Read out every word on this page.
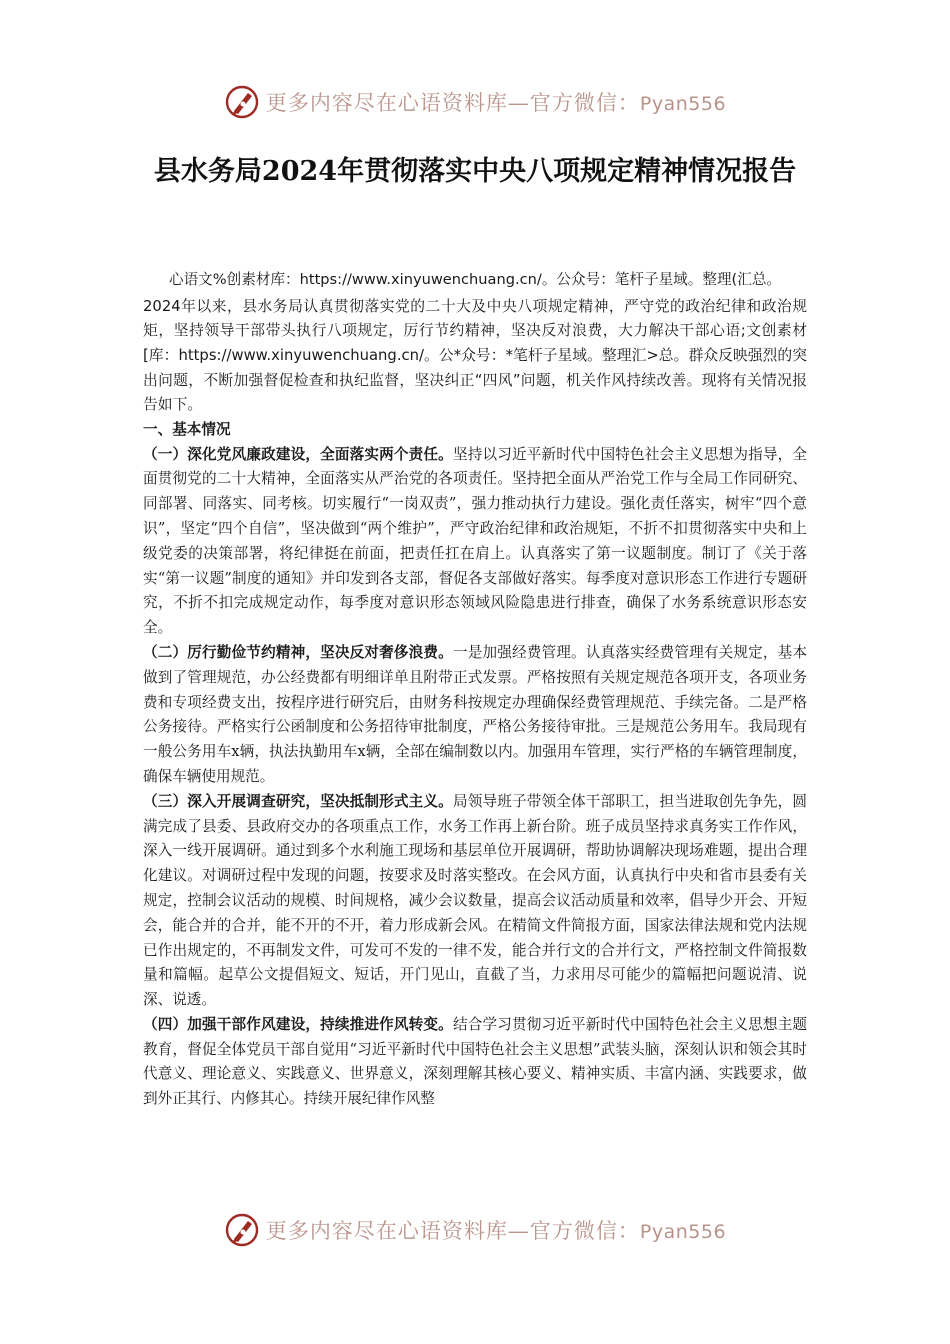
更多内容尽在心语资料库—官方微信：Pyan556
县水务局2024年贯彻落实中央八项规定精神情况报告

心语文%创素材库：https://www.xinyuwenchuang.cn/。公众号：笔杆子星域。整理(汇总。

2024年以来，县水务局认真贯彻落实党的二十大及中央八项规定精神，严守党的政治纪律和政治规矩，坚持领导干部带头执行八项规定，厉行节约精神，坚决反对浪费，大力解决干部心语;文创素材[库：https://www.xinyuwenchuang.cn/。公*众号：*笔杆子星域。整理汇>总。群众反映强烈的突出问题，不断加强督促检查和执纪监督，坚决纠正“四风”问题，机关作风持续改善。现将有关情况报告如下。

一、基本情况

（一）深化党风廉政建设，全面落实两个责任。坚持以习近平新时代中国特色社会主义思想为指导，全面贯彻党的二十大精神，全面落实从严治党的各项责任。坚持把全面从严治党工作与全局工作同研究、同部署、同落实、同考核。切实履行“一岗双责”，强力推动执行力建设。强化责任落实，树牢“四个意识”，坚定“四个自信”，坚决做到“两个维护”，严守政治纪律和政治规矩，不折不扣贯彻落实中央和上级党委的决策部署，将纪律挺在前面，把责任扛在肩上。认真落实了第一议题制度。制订了《关于落实“第一议题”制度的通知》并印发到各支部，督促各支部做好落实。每季度对意识形态工作进行专题研究，不折不扣完成规定动作，每季度对意识形态领域风险隐患进行排查，确保了水务系统意识形态安全。

（二）厉行勤俭节约精神，坚决反对奢侈浪费。一是加强经费管理。认真落实经费管理有关规定，基本做到了管理规范，办公经费都有明细详单且附带正式发票。严格按照有关规定规范各项开支，各项业务费和专项经费支出，按程序进行研究后，由财务科按规定办理确保经费管理规范、手续完备。二是严格公务接待。严格实行公函制度和公务招待审批制度，严格公务接待审批。三是规范公务用车。我局现有一般公务用车x辆，执法执勤用车x辆，全部在编制数以内。加强用车管理，实行严格的车辆管理制度，确保车辆使用规范。

（三）深入开展调查研究，坚决抵制形式主义。局领导班子带领全体干部职工，担当进取创先争先，圆满完成了县委、县政府交办的各项重点工作，水务工作再上新台阶。班子成员坚持求真务实工作作风，深入一线开展调研。通过到多个水利施工现场和基层单位开展调研，帮助协调解决现场难题，提出合理化建议。对调研过程中发现的问题，按要求及时落实整改。在会风方面，认真执行中央和省市县委有关规定，控制会议活动的规模、时间规格，减少会议数量，提高会议活动质量和效率，倡导少开会、开短会，能合并的合并，能不开的不开，着力形成新会风。在精简文件简报方面，国家法律法规和党内法规已作出规定的，不再制发文件，可发可不发的一律不发，能合并行文的合并行文，严格控制文件简报数量和篇幅。起草公文提倡短文、短话，开门见山，直截了当，力求用尽可能少的篇幅把问题说清、说深、说透。

（四）加强干部作风建设，持续推进作风转变。结合学习贯彻习近平新时代中国特色社会主义思想主题教育，督促全体党员干部自觉用“习近平新时代中国特色社会主义思想”武装头脑，深刻认识和领会其时代意义、理论意义、实践意义、世界意义，深刻理解其核心要义、精神实质、丰富内涵、实践要求，做到外正其行、内修其心。持续开展纪律作风整

更多内容尽在心语资料库—官方微信：Pyan556
